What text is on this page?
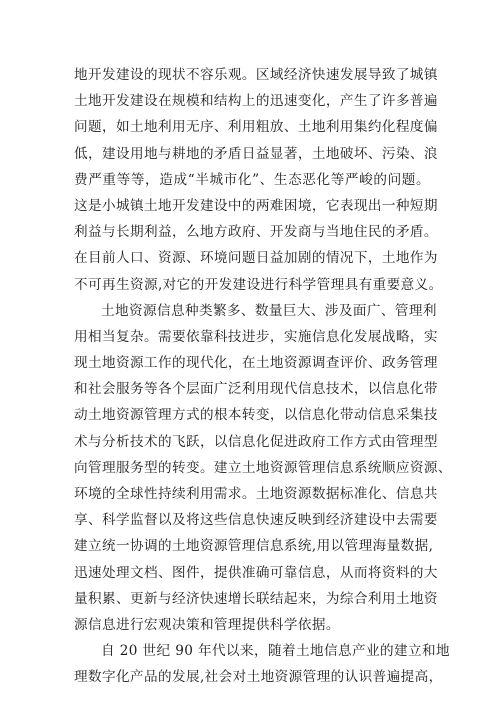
地开发建设的现状不容乐观。区域经济快速发展导致了城镇
土地开发建设在规模和结构上的迅速变化，产生了许多普遍
问题，如土地利用无序、利用粗放、土地利用集约化程度偏
低，建设用地与耕地的矛盾日益显著，土地破坏、污染、浪
费严重等等，造成“半城市化”、生态恶化等严峻的问题。
这是小城镇土地开发建设中的两难困境，它表现出一种短期
利益与长期利益，么地方政府、开发商与当地住民的矛盾。
在目前人口、资源、环境问题日益加剧的情况下，土地作为
不可再生资源,对它的开发建设进行科学管理具有重要意义。
土地资源信息种类繁多、数量巨大、涉及面广、管理利
用相当复杂。需要依靠科技进步，实施信息化发展战略，实
现土地资源工作的现代化，在土地资源调查评价、政务管理
和社会服务等各个层面广泛利用现代信息技术，以信息化带
动土地资源管理方式的根本转变，以信息化带动信息采集技
术与分析技术的飞跃，以信息化促进政府工作方式由管理型
向管理服务型的转变。建立土地资源管理信息系统顺应资源、
环境的全球性持续利用需求。土地资源数据标准化、信息共
享、科学监督以及将这些信息快速反映到经济建设中去需要
建立统一协调的土地资源管理信息系统,用以管理海量数据,
迅速处理文档、图件，提供准确可靠信息，从而将资料的大
量积累、更新与经济快速增长联结起来，为综合利用土地资
源信息进行宏观决策和管理提供科学依据。
自 20 世纪 90 年代以来，随着土地信息产业的建立和地
理数字化产品的发展,社会对土地资源管理的认识普遍提高，
